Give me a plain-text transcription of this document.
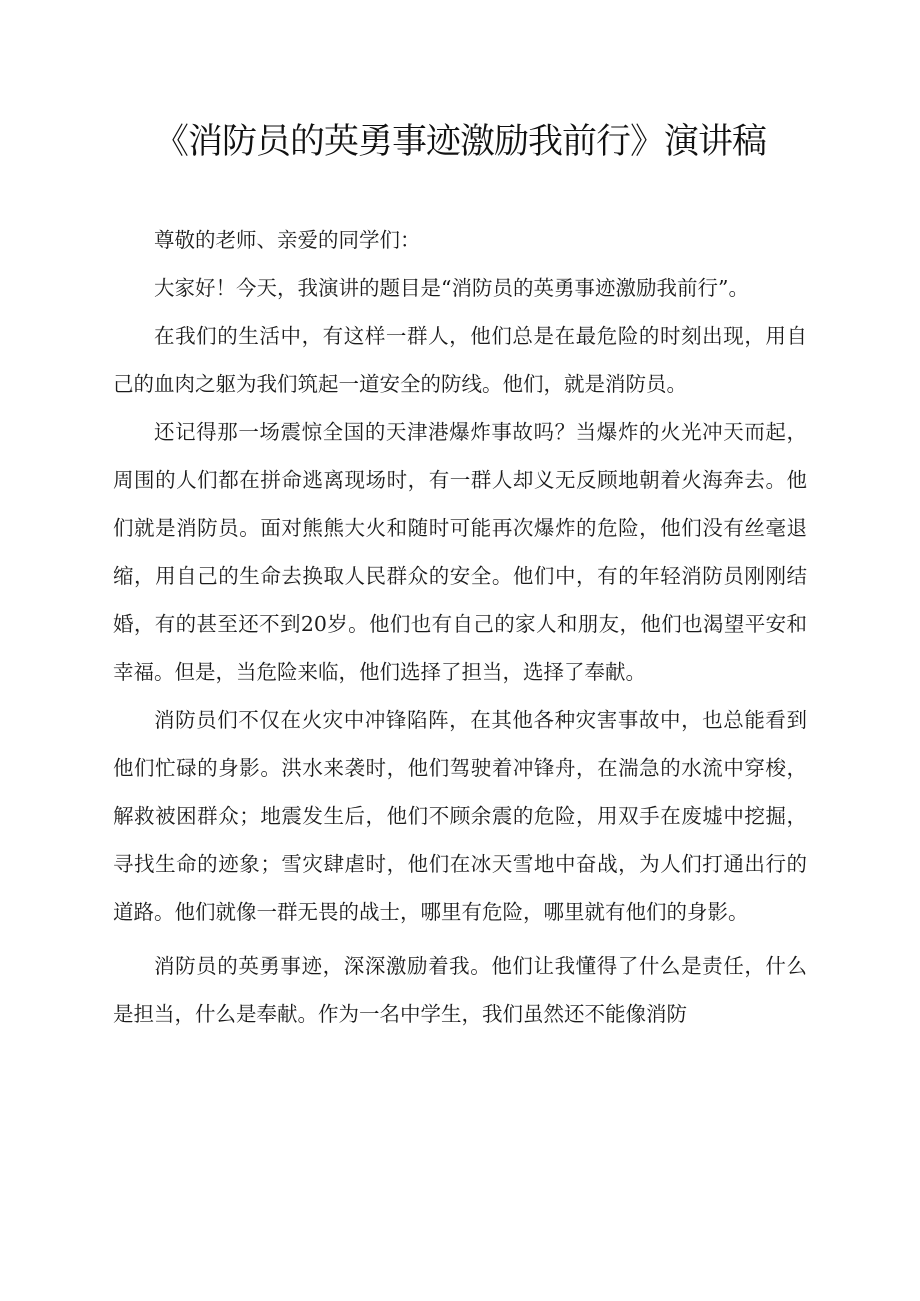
《消防员的英勇事迹激励我前行》演讲稿

尊敬的老师、亲爱的同学们：

大家好！今天，我演讲的题目是“消防员的英勇事迹激励我前行”。

在我们的生活中，有这样一群人，他们总是在最危险的时刻出现，用自己的血肉之躯为我们筑起一道安全的防线。他们，就是消防员。

还记得那一场震惊全国的天津港爆炸事故吗？当爆炸的火光冲天而起，周围的人们都在拼命逃离现场时，有一群人却义无反顾地朝着火海奔去。他们就是消防员。面对熊熊大火和随时可能再次爆炸的危险，他们没有丝毫退缩，用自己的生命去换取人民群众的安全。他们中，有的年轻消防员刚刚结婚，有的甚至还不到20岁。他们也有自己的家人和朋友，他们也渴望平安和幸福。但是，当危险来临，他们选择了担当，选择了奉献。

消防员们不仅在火灾中冲锋陷阵，在其他各种灾害事故中，也总能看到他们忙碌的身影。洪水来袭时，他们驾驶着冲锋舟，在湍急的水流中穿梭，解救被困群众；地震发生后，他们不顾余震的危险，用双手在废墟中挖掘，寻找生命的迹象；雪灾肆虐时，他们在冰天雪地中奋战，为人们打通出行的道路。他们就像一群无畏的战士，哪里有危险，哪里就有他们的身影。

消防员的英勇事迹，深深激励着我。他们让我懂得了什么是责任，什么是担当，什么是奉献。作为一名中学生，我们虽然还不能像消防
